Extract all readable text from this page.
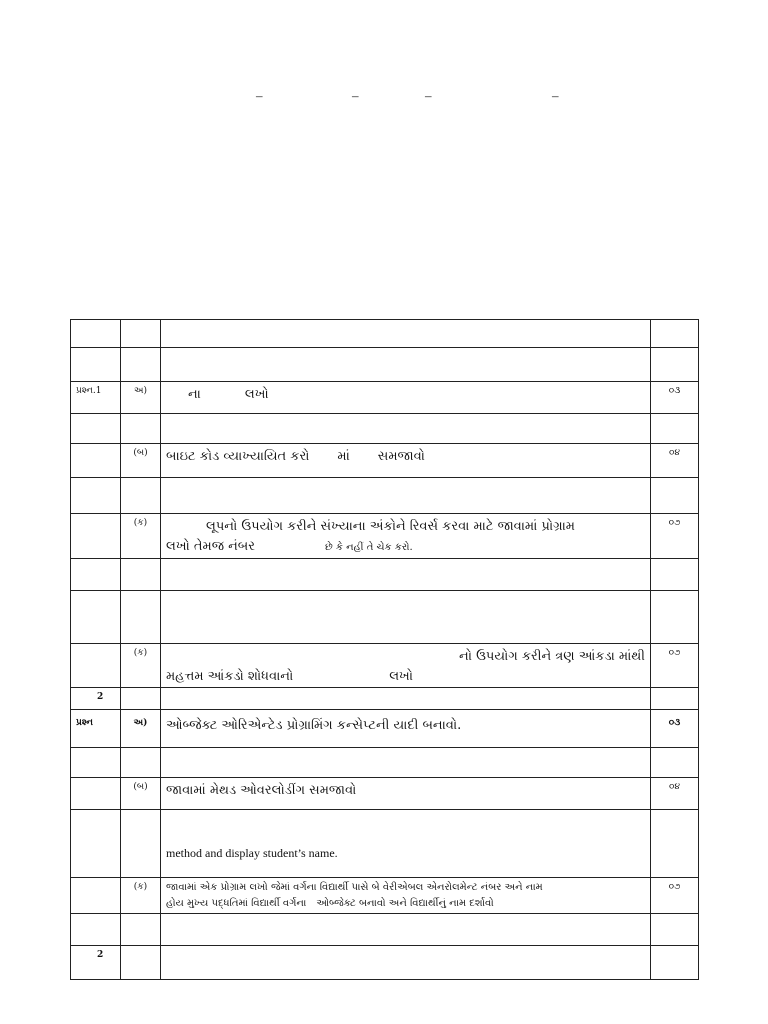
–	–	–	–

પ્રશ્ન.1	અ)	ના લખો	૦૩

	(બ)	બાઇટ કોડ વ્યાખ્યાયિત કરો માં સમજાવો	૦૪

	(ક)	લૂપનો ઉપયોગ કરીને સંખ્યાના અંકોને રિવર્સ કરવા માટે જાવામાં પ્રોગ્રામ
લખો તેમજ નંબર છે કે નહીં તે ચેક કરો.	૦૭

	(ક)	નો ઉપયોગ કરીને ત્રણ આંકડા માંથી
મહત્તમ આંકડો શોધવાનો લખો	૦૭
2			
પ્રશ્ન	અ)	ઓબ્જેક્ટ ઓરિએન્ટેડ પ્રોગ્રામિંગ કન્સેપ્ટની યાદી બનાવો.	૦૩

	(બ)	જાવામાં મેથડ ઓવરલોડીંગ સમજાવો	૦૪
		method and display student’s name.	
	(ક)	જાવામાં એક પ્રોગ્રામ લખો જેમાં વર્ગના વિદ્યાર્થી પાસે બે વેરીએબલ એનરોલમેન્ટ નંબર અને નામ
હોય મુખ્ય પદ્ધતિમાં વિદ્યાર્થી વર્ગના ઓબ્જેક્ટ બનાવો અને વિદ્યાર્થીનું નામ દર્શાવો	૦૭

2			
